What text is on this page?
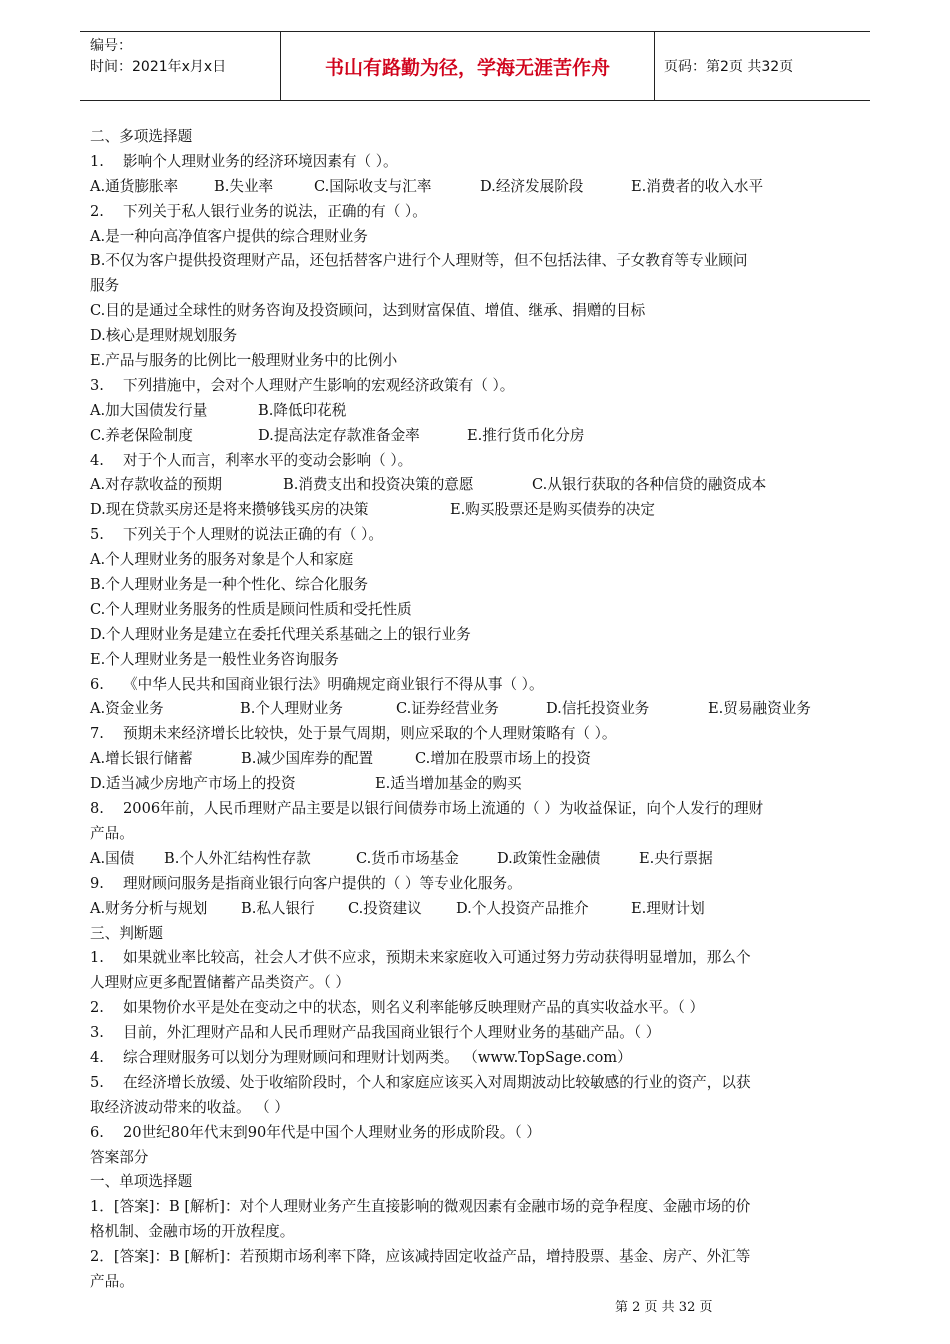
编号：
时间：2021年x月x日	书山有路勤为径，学海无涯苦作舟	页码：第2页 共32页
二、多项选择题
1. 影响个人理财业务的经济环境因素有（ ）。
A.通货膨胀率 B.失业率	C.国际收支与汇率	D.经济发展阶段	E.消费者的收入水平
2. 下列关于私人银行业务的说法，正确的有（ ）。
A.是一种向高净值客户提供的综合理财业务
B.不仅为客户提供投资理财产品，还包括替客户进行个人理财等，但不包括法律、子女教育等专业顾问
服务
C.目的是通过全球性的财务咨询及投资顾问，达到财富保值、增值、继承、捐赠的目标
D.核心是理财规划服务
E.产品与服务的比例比一般理财业务中的比例小
3. 下列措施中，会对个人理财产生影响的宏观经济政策有（ ）。
A.加大国债发行量	B.降低印花税
C.养老保险制度	D.提高法定存款准备金率	E.推行货币化分房
4. 对于个人而言，利率水平的变动会影响（ ）。
A.对存款收益的预期	B.消费支出和投资决策的意愿	C.从银行获取的各种信贷的融资成本
D.现在贷款买房还是将来攒够钱买房的决策	E.购买股票还是购买债券的决定
5. 下列关于个人理财的说法正确的有（ ）。
A.个人理财业务的服务对象是个人和家庭
B.个人理财业务是一种个性化、综合化服务
C.个人理财业务服务的性质是顾问性质和受托性质
D.个人理财业务是建立在委托代理关系基础之上的银行业务
E.个人理财业务是一般性业务咨询服务
6. 《中华人民共和国商业银行法》明确规定商业银行不得从事（ ）。
A.资金业务	B.个人理财业务	C.证券经营业务	D.信托投资业务	E.贸易融资业务
7. 预期未来经济增长比较快，处于景气周期，则应采取的个人理财策略有（ ）。
A.增长银行储蓄	B.减少国库券的配置	C.增加在股票市场上的投资
D.适当减少房地产市场上的投资	E.适当增加基金的购买
8. 2006年前，人民币理财产品主要是以银行间债券市场上流通的（ ）为收益保证，向个人发行的理财
产品。
A.国债 B.个人外汇结构性存款	C.货币市场基金	D.政策性金融债	E.央行票据
9. 理财顾问服务是指商业银行向客户提供的（ ）等专业化服务。
A.财务分析与规划 B.私人银行 C.投资建议 D.个人投资产品推介	E.理财计划
三、判断题
1. 如果就业率比较高，社会人才供不应求，预期未来家庭收入可通过努力劳动获得明显增加，那么个
人理财应更多配置储蓄产品类资产。（ ）
2. 如果物价水平是处在变动之中的状态，则名义利率能够反映理财产品的真实收益水平。（ ）
3. 目前，外汇理财产品和人民币理财产品我国商业银行个人理财业务的基础产品。（ ）
4. 综合理财服务可以划分为理财顾问和理财计划两类。 （www.TopSage.com）
5. 在经济增长放缓、处于收缩阶段时，个人和家庭应该买入对周期波动比较敏感的行业的资产，以获
取经济波动带来的收益。 （ ）
6. 20世纪80年代末到90年代是中国个人理财业务的形成阶段。（ ）
答案部分
一、单项选择题
1．[答案]：B [解析]：对个人理财业务产生直接影响的微观因素有金融市场的竞争程度、金融市场的价
格机制、金融市场的开放程度。
2．[答案]：B [解析]：若预期市场利率下降，应该减持固定收益产品，增持股票、基金、房产、外汇等
产品。
第 2 页 共 32 页
